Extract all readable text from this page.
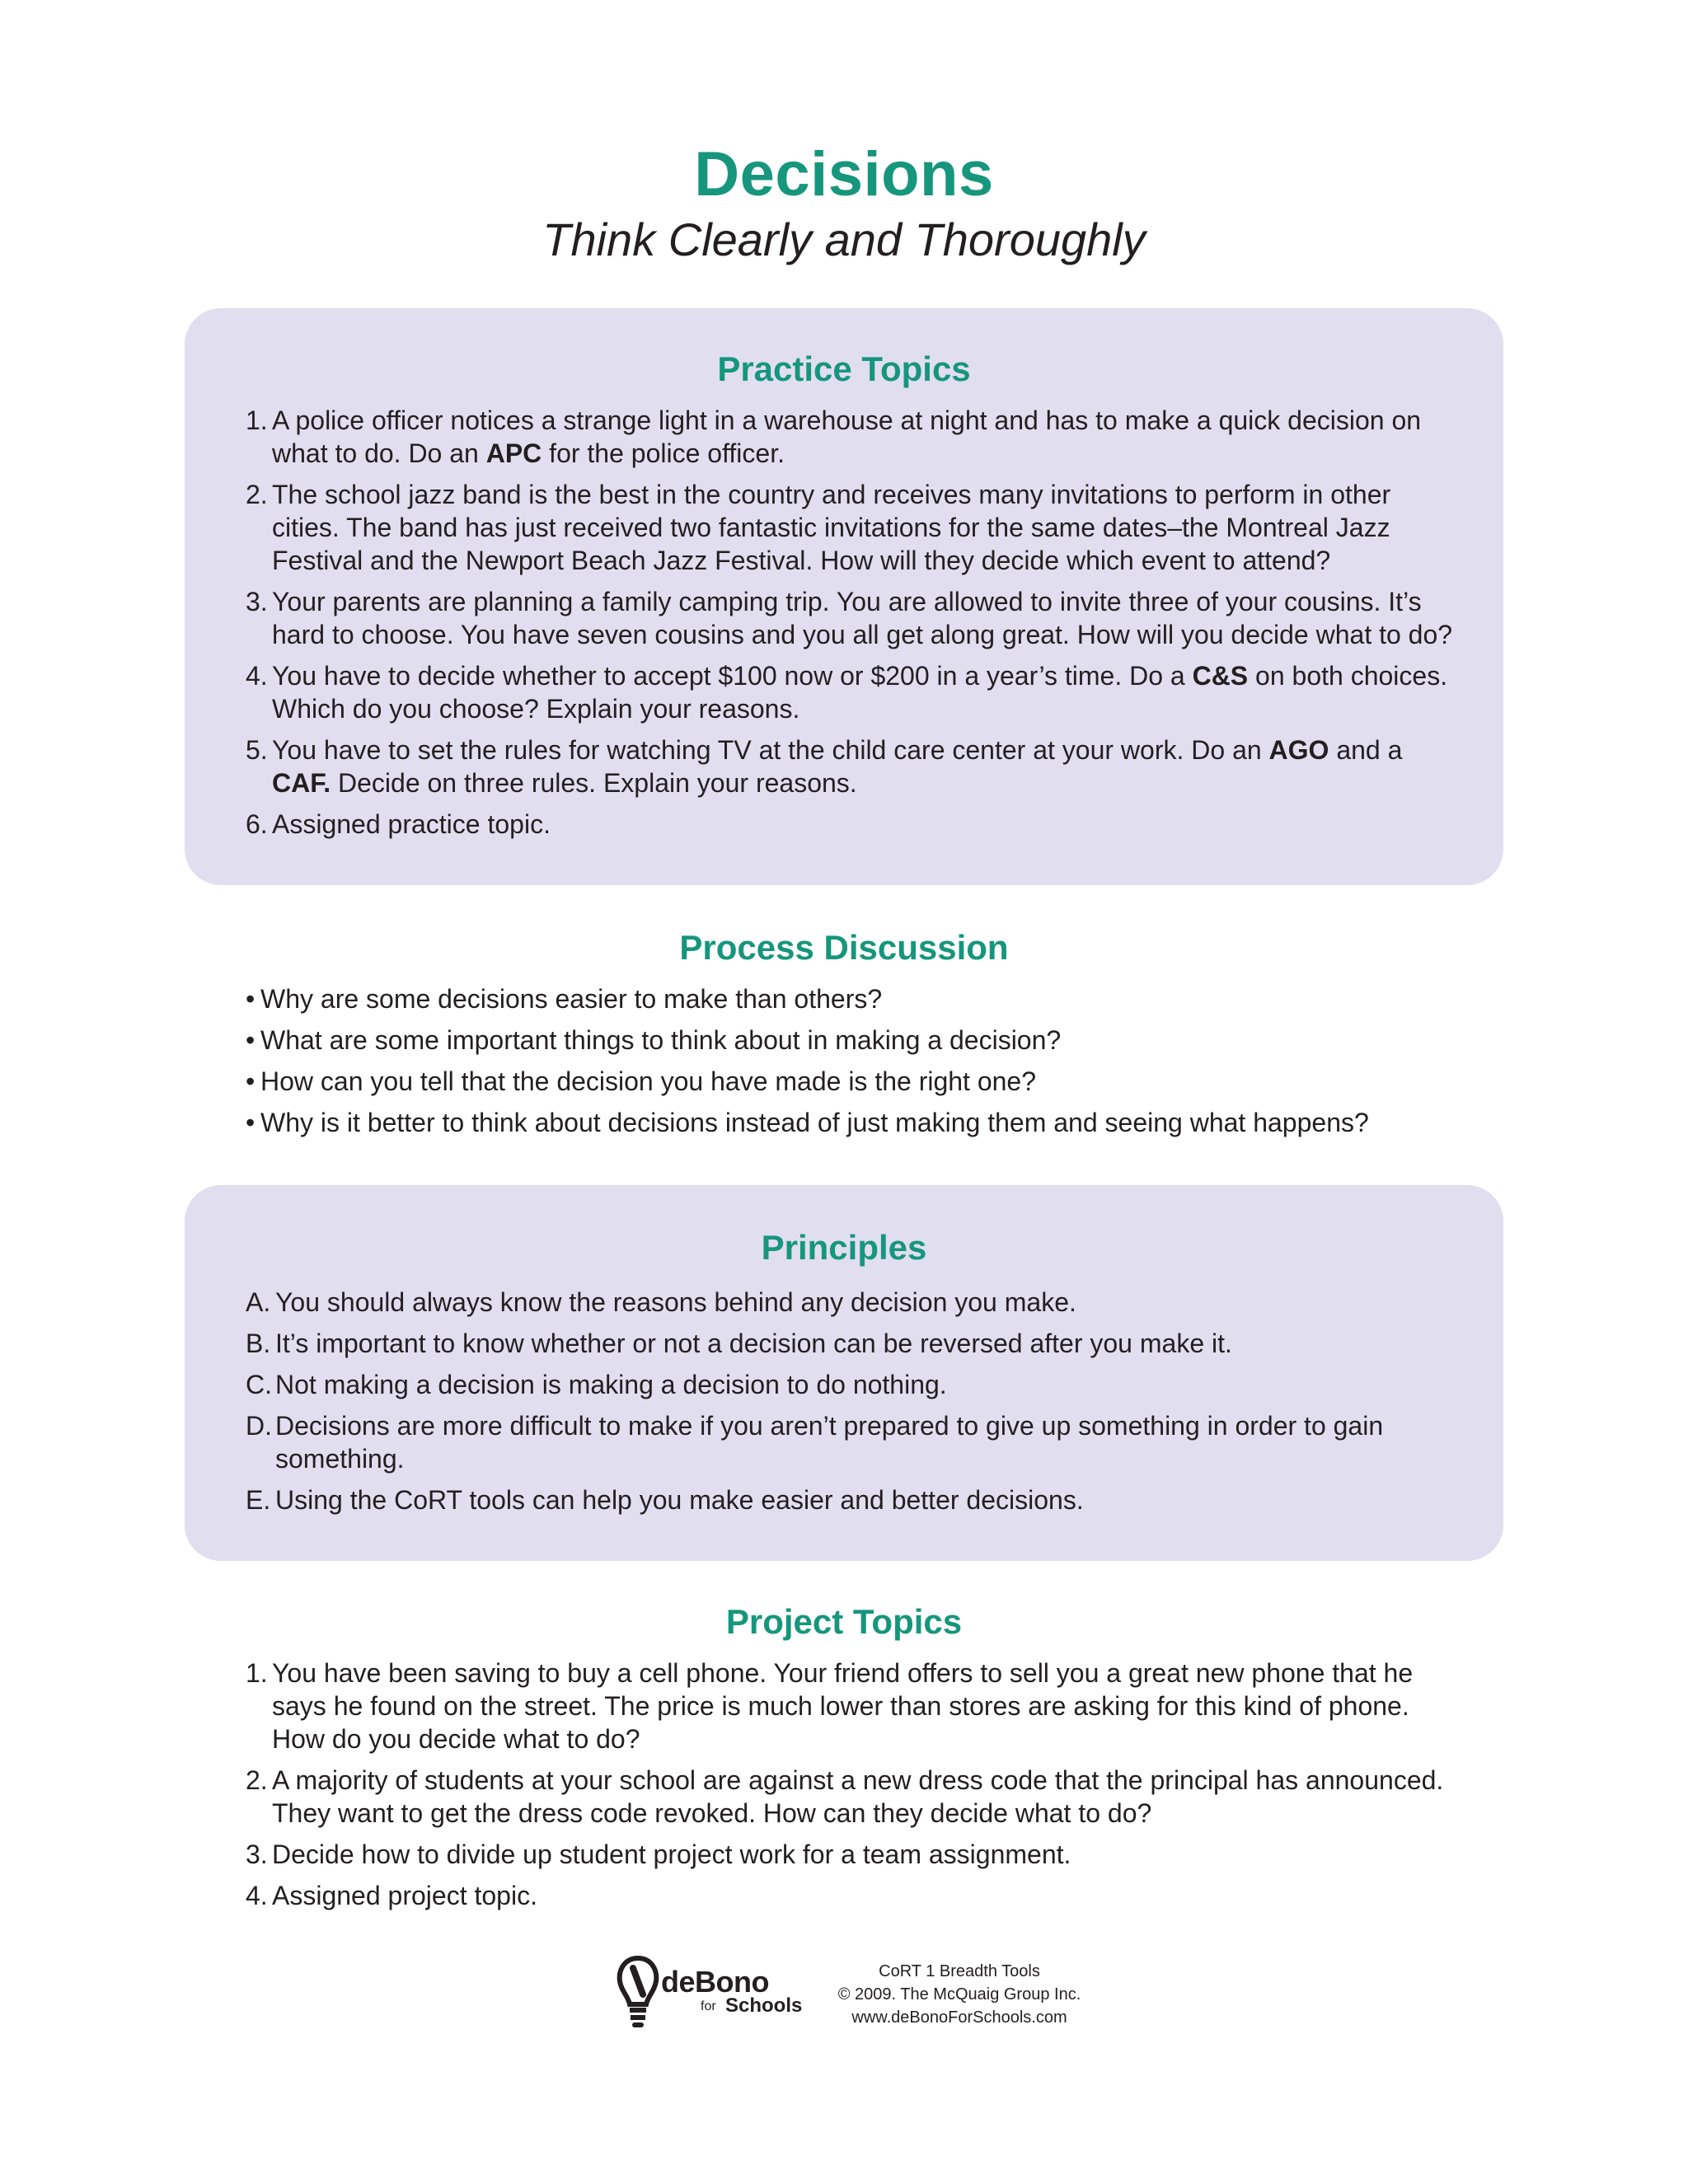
Decisions
Think Clearly and Thoroughly
Practice Topics
1. A police officer notices a strange light in a warehouse at night and has to make a quick decision on what to do. Do an APC for the police officer.
2. The school jazz band is the best in the country and receives many invitations to perform in other cities. The band has just received two fantastic invitations for the same dates–the Montreal Jazz Festival and the Newport Beach Jazz Festival. How will they decide which event to attend?
3. Your parents are planning a family camping trip. You are allowed to invite three of your cousins. It’s hard to choose. You have seven cousins and you all get along great. How will you decide what to do?
4. You have to decide whether to accept $100 now or $200 in a year’s time. Do a C&S on both choices. Which do you choose? Explain your reasons.
5. You have to set the rules for watching TV at the child care center at your work. Do an AGO and a CAF. Decide on three rules. Explain your reasons.
6. Assigned practice topic.
Process Discussion
• Why are some decisions easier to make than others?
• What are some important things to think about in making a decision?
• How can you tell that the decision you have made is the right one?
• Why is it better to think about decisions instead of just making them and seeing what happens?
Principles
A. You should always know the reasons behind any decision you make.
B. It’s important to know whether or not a decision can be reversed after you make it.
C. Not making a decision is making a decision to do nothing.
D. Decisions are more difficult to make if you aren’t prepared to give up something in order to gain something.
E. Using the CoRT tools can help you make easier and better decisions.
Project Topics
1. You have been saving to buy a cell phone. Your friend offers to sell you a great new phone that he says he found on the street. The price is much lower than stores are asking for this kind of phone. How do you decide what to do?
2. A majority of students at your school are against a new dress code that the principal has announced. They want to get the dress code revoked. How can they decide what to do?
3. Decide how to divide up student project work for a team assignment.
4. Assigned project topic.
deBono
for Schools
CoRT 1 Breadth Tools
© 2009. The McQuaig Group Inc.
www.deBonoForSchools.com
